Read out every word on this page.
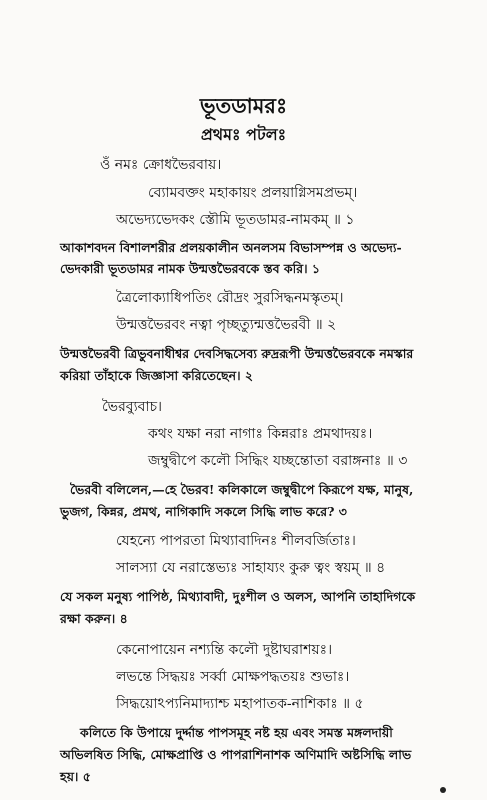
ভূতডামরঃ
প্রথমঃ পটলঃ
ওঁ নমঃ ক্রোধভৈরবায়।
ব্যোমবক্তং মহাকায়ং প্রলয়াগ্নিসমপ্রভম্‌।
অভেদ্যভেদকং স্তৌমি ভূতডামর-নামকম্‌ ॥ ১
আকাশবদন বিশালশরীর প্রলয়কালীন অনলসম বিভাসম্পন্ন ও অভেদ্য-
ভেদকারী ভূতডামর নামক উন্মত্তভৈরবকে স্তব করি। ১
ত্রৈলোক্যাধিপতিং রৌদ্রং সুরসিদ্ধনমস্কৃতম্‌।
উন্মত্তভৈরবং নত্বা পৃচ্ছত্যুন্মত্তভৈরবী ॥ ২
উন্মত্তভৈরবী ত্রিভুবনাধীশ্বর দেবসিদ্ধসেব্য রুদ্ররূপী উন্মত্তভৈরবকে নমস্কার
করিয়া তাঁহাকে জিজ্ঞাসা করিতেছেন। ২
ভৈরব্যুবাচ।
কথং যক্ষা নরা নাগাঃ কিন্নরাঃ প্রমথাদয়ঃ।
জম্বুদ্বীপে কলৌ সিদ্ধিং যচ্ছন্তোতা বরাঙ্গনাঃ ॥ ৩
ভৈরবী বলিলেন,—হে ভৈরব! কলিকালে জম্বুদ্বীপে কিরূপে যক্ষ, মানুষ,
ভুজগ, কিন্নর, প্রমথ, নাগিকাদি সকলে সিদ্ধি লাভ করে? ৩
যেহন্যে পাপরতা মিথ্যাবাদিনঃ শীলবর্জিতাঃ।
সালস্যা যে নরাস্তেভ্যঃ সাহায্যং কুরু ত্বং স্বয়ম্‌ ॥ ৪
যে সকল মনুষ্য পাপিষ্ঠ, মিথ্যাবাদী, দুঃশীল ও অলস, আপনি তাহাদিগকে
রক্ষা করুন। ৪
কেনোপায়েন নশ্যন্তি কলৌ দুষ্টাঘরাশয়ঃ।
লভন্তে সিদ্ধয়ঃ সর্ব্বা মোক্ষপদ্ধতয়ঃ শুভাঃ।
সিদ্ধয়োঽপ্যনিমাদ্যাশ্চ মহাপাতক-নাশিকাঃ ॥ ৫
কলিতে কি উপায়ে দুর্দ্দান্ত পাপসমূহ নষ্ট হয় এবং সমস্ত মঙ্গলদায়ী
অভিলষিত সিদ্ধি, মোক্ষপ্রাপ্তি ও পাপরাশিনাশক অণিমাদি অষ্টসিদ্ধি লাভ
হয়। ৫
